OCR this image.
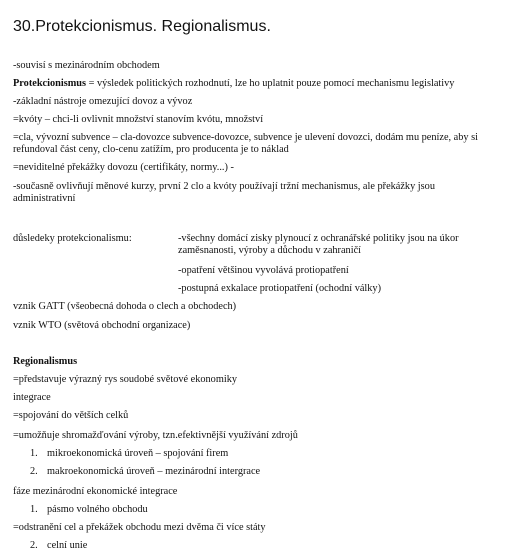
30.Protekcionismus. Regionalismus.
-souvisí s mezinárodním obchodem
Protekcionismus = výsledek politických rozhodnutí, lze ho uplatnit pouze pomocí mechanismu legislativy
-základní nástroje omezující dovoz a vývoz
=kvóty – chci-li ovlivnit množství stanovím kvótu, množství
=cla, vývozní subvence – cla-dovozce subvence-dovozce, subvence je ulevení dovozci, dodám mu peníze, aby si refundoval část ceny, clo-cenu zatížím, pro producenta je to náklad
=neviditelné překážky dovozu (certifikáty, normy...) -
-současně ovlivňují měnové kurzy, první 2 clo a kvóty používají tržní mechanismus, ale překážky jsou administrativní
důsledeky protekcionalismu:	-všechny domácí zisky plynoucí z ochranářské politiky jsou na úkor zaměsnanosti, výroby a důchodu v zahraničí
-opatření většinou vyvolává protiopatření
-postupná exkalace protiopatření (ochodní války)
vznik GATT (všeobecná dohoda o clech a obchodech)
vznik WTO (světová obchodní organizace)
Regionalismus
=představuje výrazný rys soudobé světové ekonomiky
integrace
=spojování do větších celků
=umožňuje shromažďování výroby, tzn.efektivnější využívání zdrojů
1. mikroekonomická úroveň – spojování firem
2. makroekonomická úroveň – mezinárodní intergrace
fáze mezinárodní ekonomické integrace
1. pásmo volného obchodu
=odstranění cel a překážek obchodu mezi dvěma či více státy
2. celní unie
